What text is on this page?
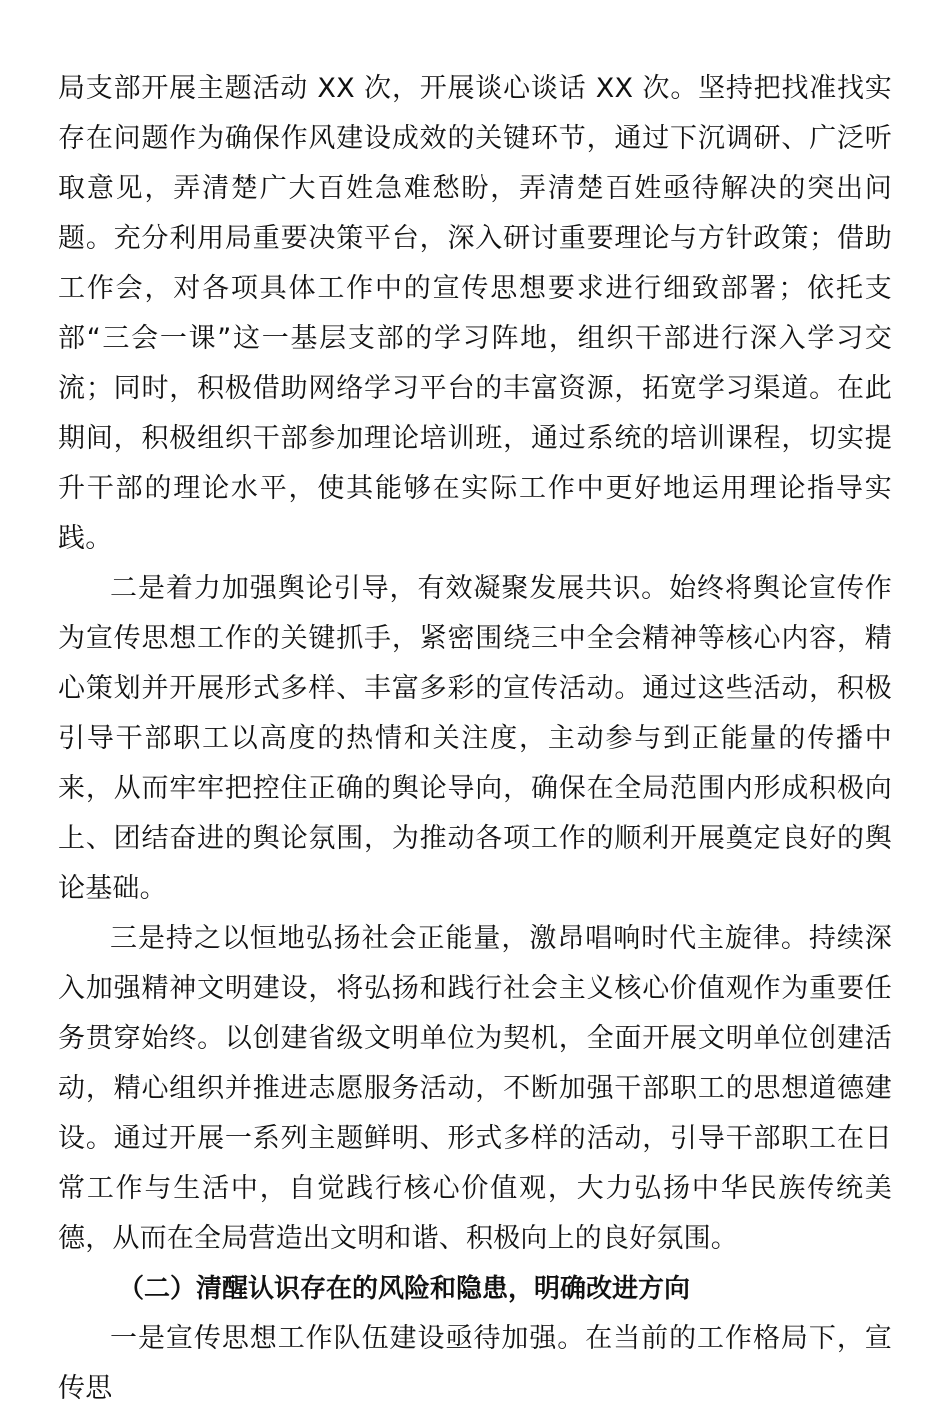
局支部开展主题活动 XX 次，开展谈心谈话 XX 次。坚持把找准找实存在问题作为确保作风建设成效的关键环节，通过下沉调研、广泛听取意见，弄清楚广大百姓急难愁盼，弄清楚百姓亟待解决的突出问题。充分利用局重要决策平台，深入研讨重要理论与方针政策；借助工作会，对各项具体工作中的宣传思想要求进行细致部署；依托支部“三会一课”这一基层支部的学习阵地，组织干部进行深入学习交流；同时，积极借助网络学习平台的丰富资源，拓宽学习渠道。在此期间，积极组织干部参加理论培训班，通过系统的培训课程，切实提升干部的理论水平，使其能够在实际工作中更好地运用理论指导实践。

二是着力加强舆论引导，有效凝聚发展共识。始终将舆论宣传作为宣传思想工作的关键抓手，紧密围绕三中全会精神等核心内容，精心策划并开展形式多样、丰富多彩的宣传活动。通过这些活动，积极引导干部职工以高度的热情和关注度，主动参与到正能量的传播中来，从而牢牢把控住正确的舆论导向，确保在全局范围内形成积极向上、团结奋进的舆论氛围，为推动各项工作的顺利开展奠定良好的舆论基础。

三是持之以恒地弘扬社会正能量，激昂唱响时代主旋律。持续深入加强精神文明建设，将弘扬和践行社会主义核心价值观作为重要任务贯穿始终。以创建省级文明单位为契机，全面开展文明单位创建活动，精心组织并推进志愿服务活动，不断加强干部职工的思想道德建设。通过开展一系列主题鲜明、形式多样的活动，引导干部职工在日常工作与生活中，自觉践行核心价值观，大力弘扬中华民族传统美德，从而在全局营造出文明和谐、积极向上的良好氛围。

（二）清醒认识存在的风险和隐患，明确改进方向

一是宣传思想工作队伍建设亟待加强。在当前的工作格局下，宣传思
